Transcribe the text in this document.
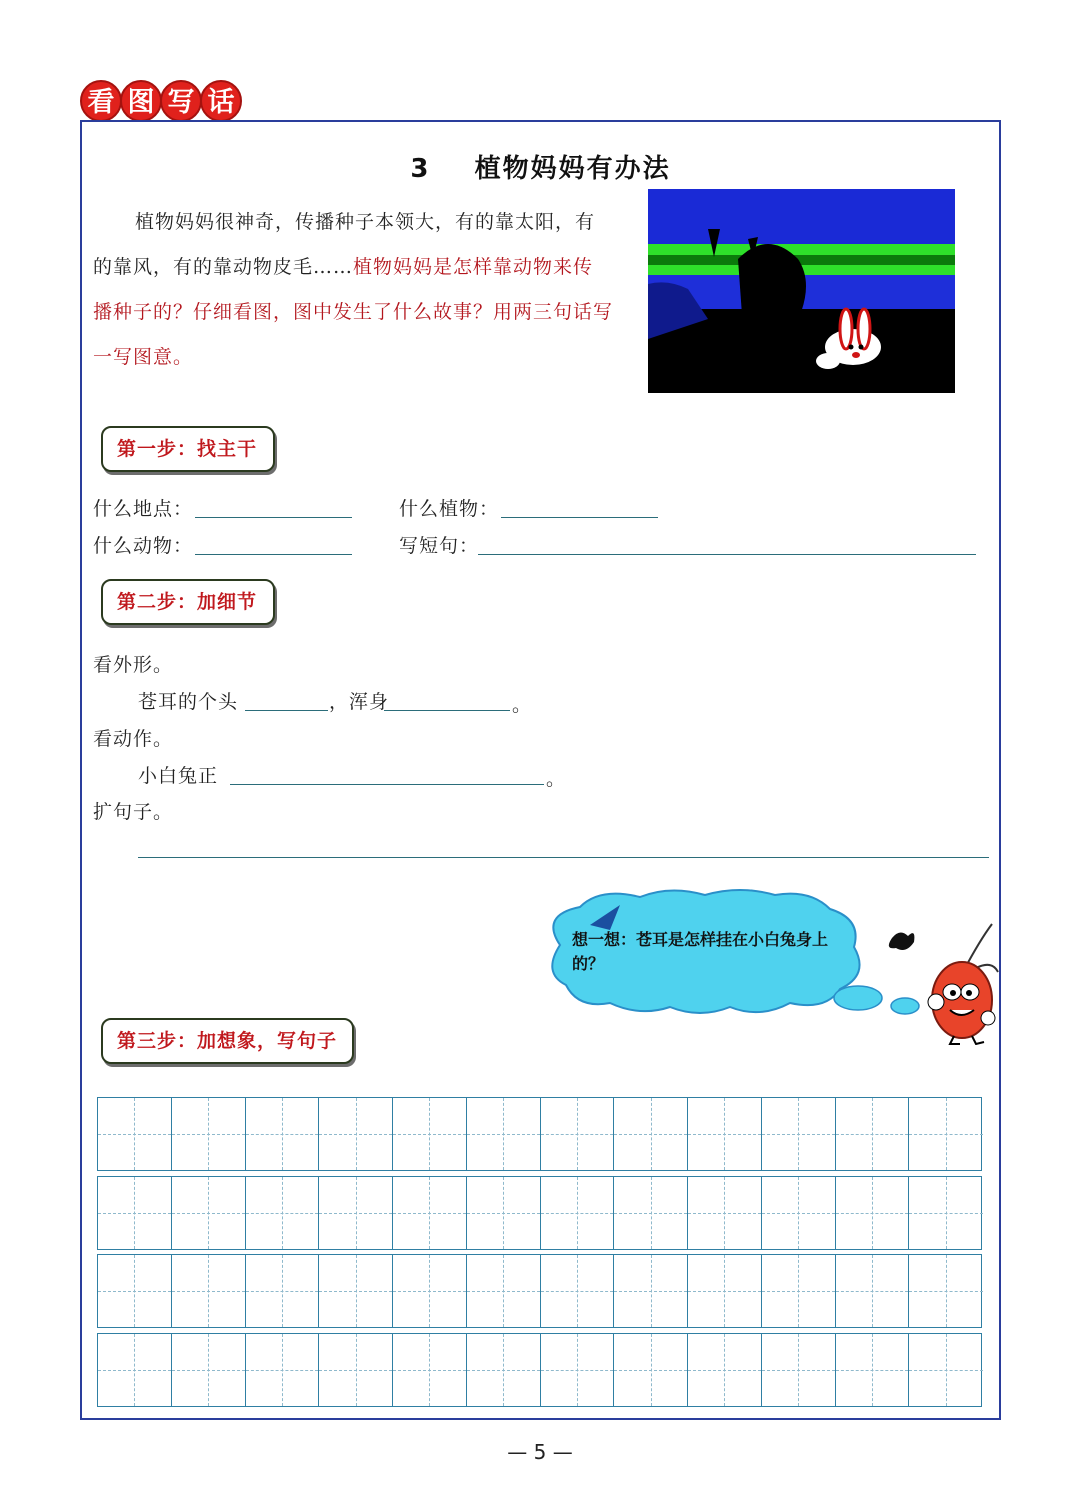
看 图 写 话
3 植物妈妈有办法
植物妈妈很神奇，传播种子本领大，有的靠太阳，有的靠风，有的靠动物皮毛……植物妈妈是怎样靠动物来传播种子的？仔细看图，图中发生了什么故事？用两三句话写一写图意。
第一步：找主干
什么地点：	什么植物：
什么动物：	写短句：
第二步：加细节
看外形。
苍耳的个头	，浑身	。
看动作。
小白兔正	。
扩句子。
想一想：苍耳是怎样挂在小白兔身上的？
第三步：加想象，写句子
— 5 —
